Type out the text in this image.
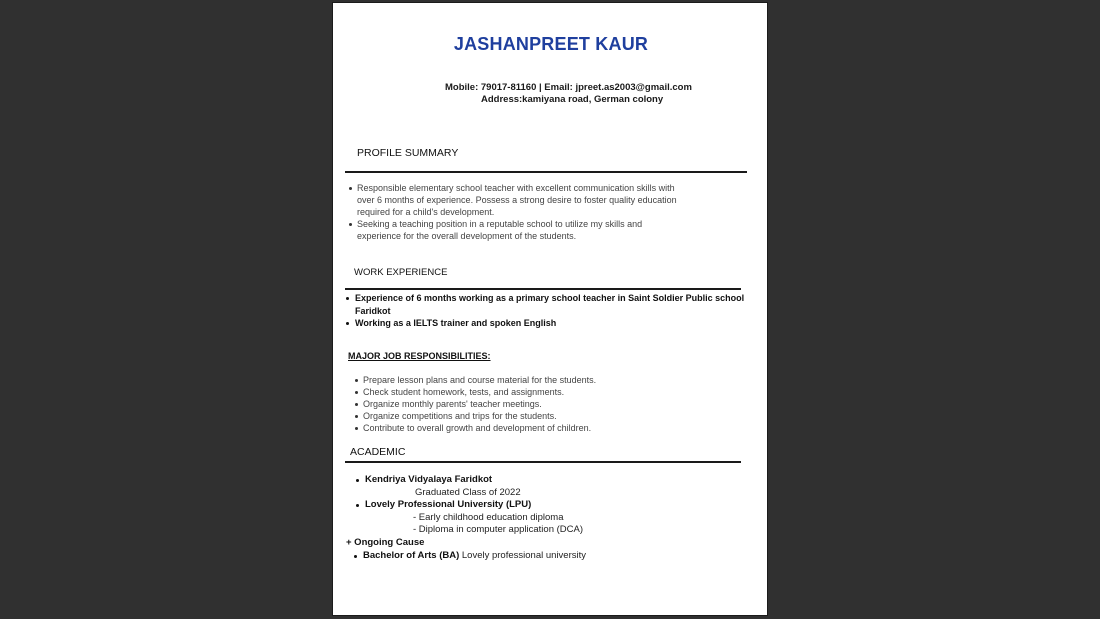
JASHANPREET KAUR
Mobile: 79017-81160 | Email: jpreet.as2003@gmail.com
Address:kamiyana road, German colony
PROFILE SUMMARY
Responsible elementary school teacher with excellent communication skills with over 6 months of experience. Possess a strong desire to foster quality education required for a child's development.
Seeking a teaching position in a reputable school to utilize my skills and experience for the overall development of the students.
WORK EXPERIENCE
Experience of 6 months working as a primary school teacher in Saint Soldier Public school Faridkot
Working as a IELTS trainer and spoken English
MAJOR JOB RESPONSIBILITIES:
Prepare lesson plans and course material for the students.
Check student homework, tests, and assignments.
Organize monthly parents' teacher meetings.
Organize competitions and trips for the students.
Contribute to overall growth and development of children.
ACADEMIC
Kendriya Vidyalaya Faridkot
Graduated Class of 2022
Lovely Professional University (LPU)
- Early childhood education diploma
- Diploma in computer application (DCA)
+ Ongoing Cause
Bachelor of Arts (BA) Lovely professional university
